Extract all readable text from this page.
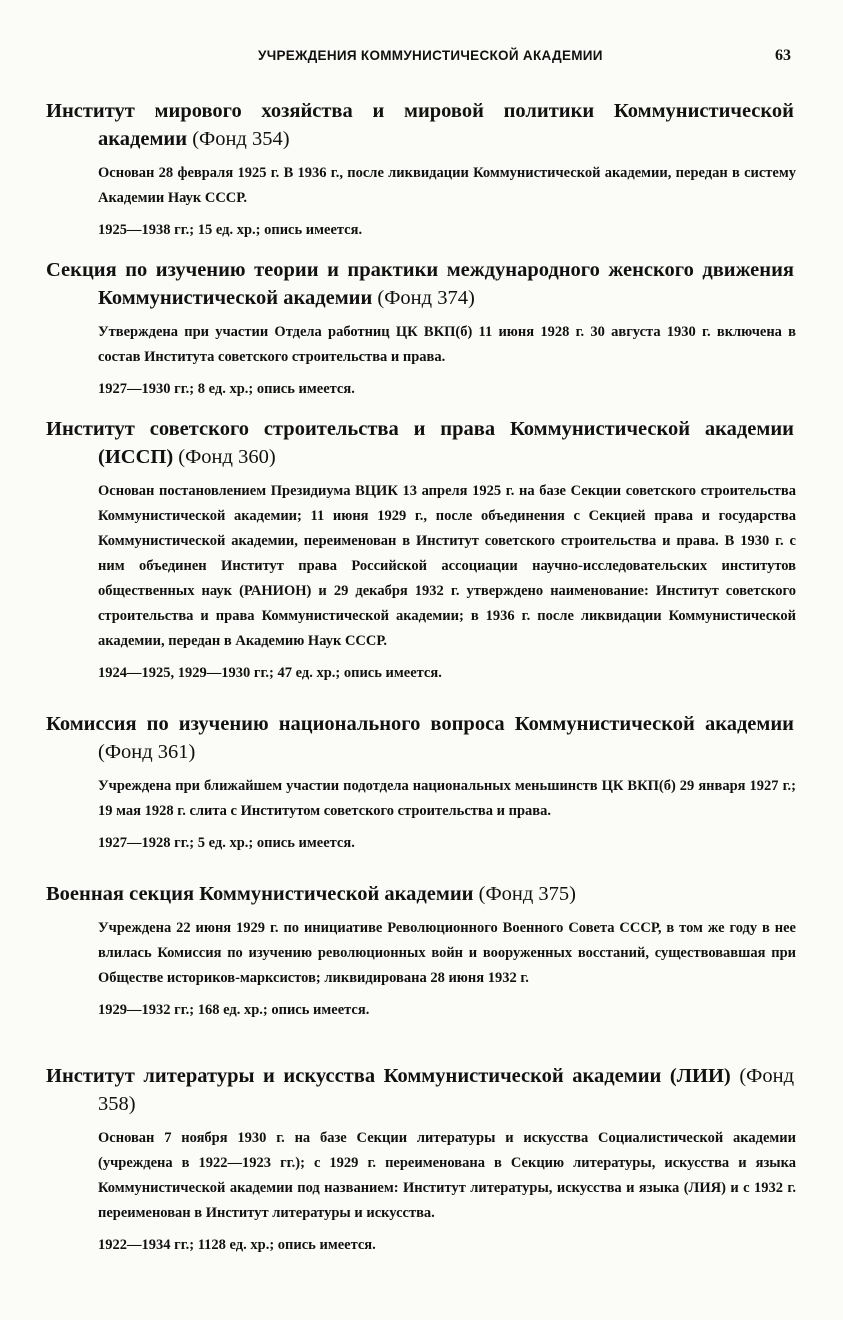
УЧРЕЖДЕНИЯ КОММУНИСТИЧЕСКОЙ АКАДЕМИИ	63

Институт мирового хозяйства и мировой политики Коммунистической академии (Фонд 354)

Основан 28 февраля 1925 г. В 1936 г., после ликвидации Коммунистической академии, передан в систему Академии Наук СССР.

1925—1938 гг.; 15 ед. хр.; опись имеется.

Секция по изучению теории и практики международного женского движения Коммунистической академии (Фонд 374)

Утверждена при участии Отдела работниц ЦК ВКП(б) 11 июня 1928 г. 30 августа 1930 г. включена в состав Института советского строительства и права.

1927—1930 гг.; 8 ед. хр.; опись имеется.

Институт советского строительства и права Коммунистической академии (ИССП) (Фонд 360)

Основан постановлением Президиума ВЦИК 13 апреля 1925 г. на базе Секции советского строительства Коммунистической академии; 11 июня 1929 г., после объединения с Секцией права и государства Коммунистической академии, переименован в Институт советского строительства и права. В 1930 г. с ним объединен Институт права Российской ассоциации научно-исследовательских институтов общественных наук (РАНИОН) и 29 декабря 1932 г. утверждено наименование: Институт советского строительства и права Коммунистической академии; в 1936 г. после ликвидации Коммунистической академии, передан в Академию Наук СССР.

1924—1925, 1929—1930 гг.; 47 ед. хр.; опись имеется.

Комиссия по изучению национального вопроса Коммунистической академии (Фонд 361)

Учреждена при ближайшем участии подотдела национальных меньшинств ЦК ВКП(б) 29 января 1927 г.; 19 мая 1928 г. слита с Институтом советского строительства и права.

1927—1928 гг.; 5 ед. хр.; опись имеется.

Военная секция Коммунистической академии (Фонд 375)

Учреждена 22 июня 1929 г. по инициативе Революционного Военного Совета СССР, в том же году в нее влилась Комиссия по изучению революционных войн и вооруженных восстаний, существовавшая при Обществе историков-марксистов; ликвидирована 28 июня 1932 г.

1929—1932 гг.; 168 ед. хр.; опись имеется.

Институт литературы и искусства Коммунистической академии (ЛИИ) (Фонд 358)

Основан 7 ноября 1930 г. на базе Секции литературы и искусства Социалистической академии (учреждена в 1922—1923 гг.); с 1929 г. переименована в Секцию литературы, искусства и языка Коммунистической академии под названием: Институт литературы, искусства и языка (ЛИЯ) и с 1932 г. переименован в Институт литературы и искусства.

1922—1934 гг.; 1128 ед. хр.; опись имеется.
